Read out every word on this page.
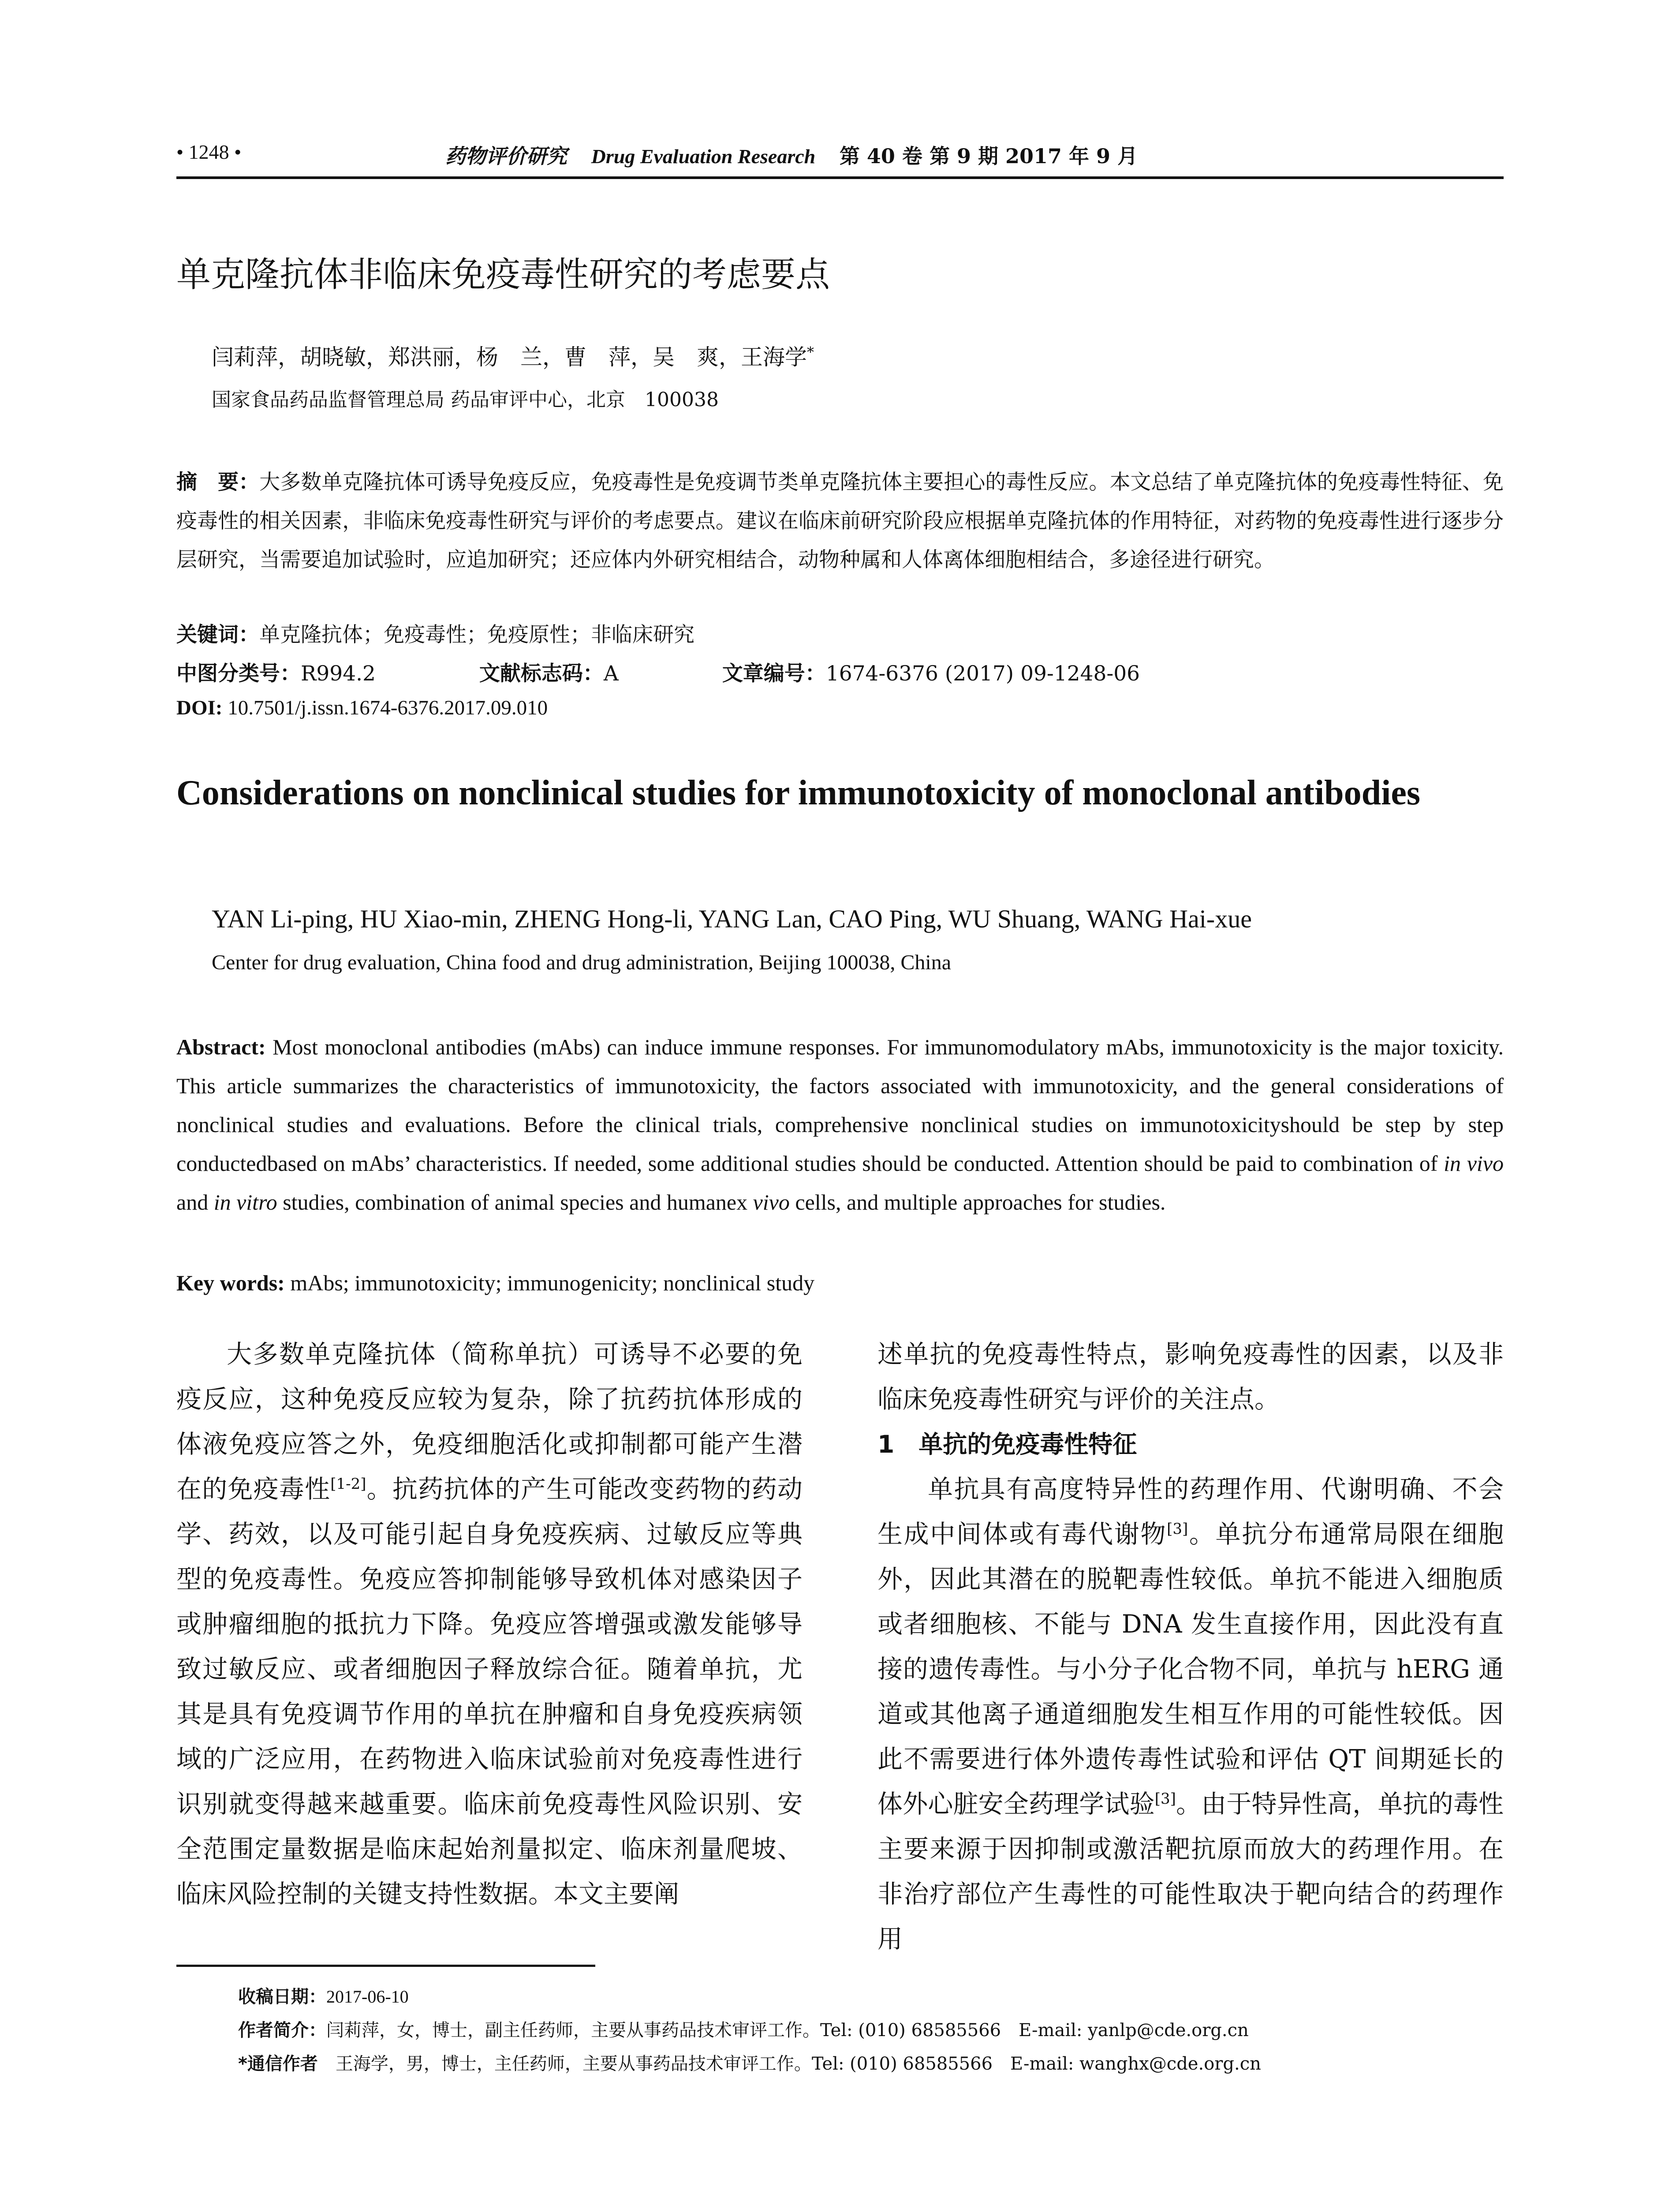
• 1248 •	药物评价研究 Drug Evaluation Research 第 40 卷 第 9 期 2017 年 9 月
单克隆抗体非临床免疫毒性研究的考虑要点
闫莉萍，胡晓敏，郑洪丽，杨　兰，曹　萍，吴　爽，王海学*
国家食品药品监督管理总局 药品审评中心，北京　100038
摘　要：大多数单克隆抗体可诱导免疫反应，免疫毒性是免疫调节类单克隆抗体主要担心的毒性反应。本文总结了单克隆抗体的免疫毒性特征、免疫毒性的相关因素，非临床免疫毒性研究与评价的考虑要点。建议在临床前研究阶段应根据单克隆抗体的作用特征，对药物的免疫毒性进行逐步分层研究，当需要追加试验时，应追加研究；还应体内外研究相结合，动物种属和人体离体细胞相结合，多途径进行研究。
关键词：单克隆抗体；免疫毒性；免疫原性；非临床研究
中图分类号：R994.2	文献标志码：A	文章编号：1674-6376 (2017) 09-1248-06
DOI: 10.7501/j.issn.1674-6376.2017.09.010
Considerations on nonclinical studies for immunotoxicity of monoclonal antibodies
YAN Li-ping, HU Xiao-min, ZHENG Hong-li, YANG Lan, CAO Ping, WU Shuang, WANG Hai-xue
Center for drug evaluation, China food and drug administration, Beijing 100038, China
Abstract: Most monoclonal antibodies (mAbs) can induce immune responses. For immunomodulatory mAbs, immunotoxicity is the major toxicity. This article summarizes the characteristics of immunotoxicity, the factors associated with immunotoxicity, and the general considerations of nonclinical studies and evaluations. Before the clinical trials, comprehensive nonclinical studies on immunotoxicityshould be step by step conductedbased on mAbs’ characteristics. If needed, some additional studies should be conducted. Attention should be paid to combination of in vivo and in vitro studies, combination of animal species and humanex vivo cells, and multiple approaches for studies.
Key words: mAbs; immunotoxicity; immunogenicity; nonclinical study

大多数单克隆抗体（简称单抗）可诱导不必要的免疫反应，这种免疫反应较为复杂，除了抗药抗体形成的体液免疫应答之外，免疫细胞活化或抑制都可能产生潜在的免疫毒性[1-2]。抗药抗体的产生可能改变药物的药动学、药效，以及可能引起自身免疫疾病、过敏反应等典型的免疫毒性。免疫应答抑制能够导致机体对感染因子或肿瘤细胞的抵抗力下降。免疫应答增强或激发能够导致过敏反应、或者细胞因子释放综合征。随着单抗，尤其是具有免疫调节作用的单抗在肿瘤和自身免疫疾病领域的广泛应用，在药物进入临床试验前对免疫毒性进行识别就变得越来越重要。临床前免疫毒性风险识别、安全范围定量数据是临床起始剂量拟定、临床剂量爬坡、临床风险控制的关键支持性数据。本文主要阐

述单抗的免疫毒性特点，影响免疫毒性的因素，以及非临床免疫毒性研究与评价的关注点。

1　单抗的免疫毒性特征

单抗具有高度特异性的药理作用、代谢明确、不会生成中间体或有毒代谢物[3]。单抗分布通常局限在细胞外，因此其潜在的脱靶毒性较低。单抗不能进入细胞质或者细胞核、不能与 DNA 发生直接作用，因此没有直接的遗传毒性。与小分子化合物不同，单抗与 hERG 通道或其他离子通道细胞发生相互作用的可能性较低。因此不需要进行体外遗传毒性试验和评估 QT 间期延长的体外心脏安全药理学试验[3]。由于特异性高，单抗的毒性主要来源于因抑制或激活靶抗原而放大的药理作用。在非治疗部位产生毒性的可能性取决于靶向结合的药理作用

收稿日期：2017-06-10
作者简介：闫莉萍，女，博士，副主任药师，主要从事药品技术审评工作。Tel: (010) 68585566　E-mail: yanlp@cde.org.cn
*通信作者　王海学，男，博士，主任药师，主要从事药品技术审评工作。Tel: (010) 68585566　E-mail: wanghx@cde.org.cn
